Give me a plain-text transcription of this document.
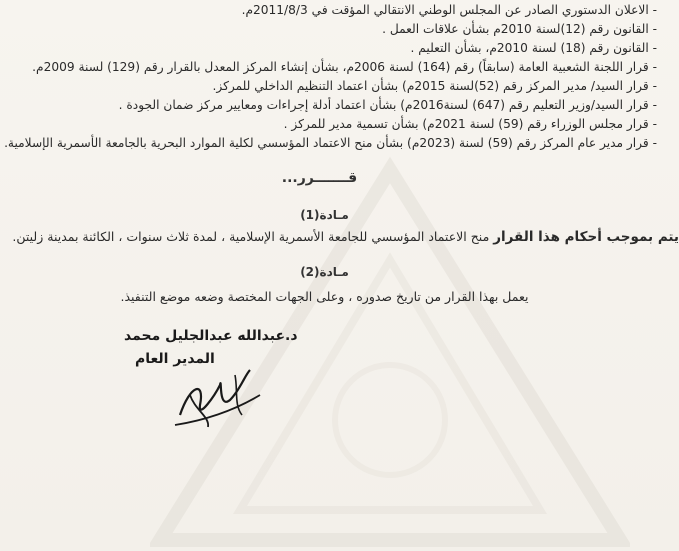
- الاعلان الدستوري الصادر عن المجلس الوطني الانتقالي المؤقت في 2011/8/3م.
- القانون رقم (12)لسنة 2010م بشأن علاقات العمل .
- القانون رقم (18) لسنة 2010م، بشأن التعليم .
- قرار اللجنة الشعبية العامة (سابقاً) رقم (164) لسنة 2006م، بشأن إنشاء المركز المعدل بالقرار رقم (129) لسنة 2009م.
- قرار السيد/ مدير المركز رقم (52)لسنة 2015م) بشأن اعتماد التنظيم الداخلي للمركز.
- قرار السيد/وزير التعليم رقم (647) لسنة2016م) بشأن اعتماد أدلة إجراءات ومعايير مركز ضمان الجودة .
- قرار مجلس الوزراء رقم (59) لسنة 2021م) بشأن تسمية مدير للمركز .
- قرار مدير عام المركز رقم (59) لسنة (2023م) بشأن منح الاعتماد المؤسسي لكلية الموارد البحرية بالجامعة الأسمرية الإسلامية.
قـــــــرر...
مـادة(1)
يتم بموجب أحكام هذا القرار منح الاعتماد المؤسسي للجامعة الأسمرية الإسلامية ، لمدة ثلاث سنوات ، الكائنة بمدينة زليتن.
مـادة(2)
يعمل بهذا القرار من تاريخ صدوره ، وعلى الجهات المختصة وضعه موضع التنفيذ.
د.عبدالله عبدالجليل محمد
المدير العام
